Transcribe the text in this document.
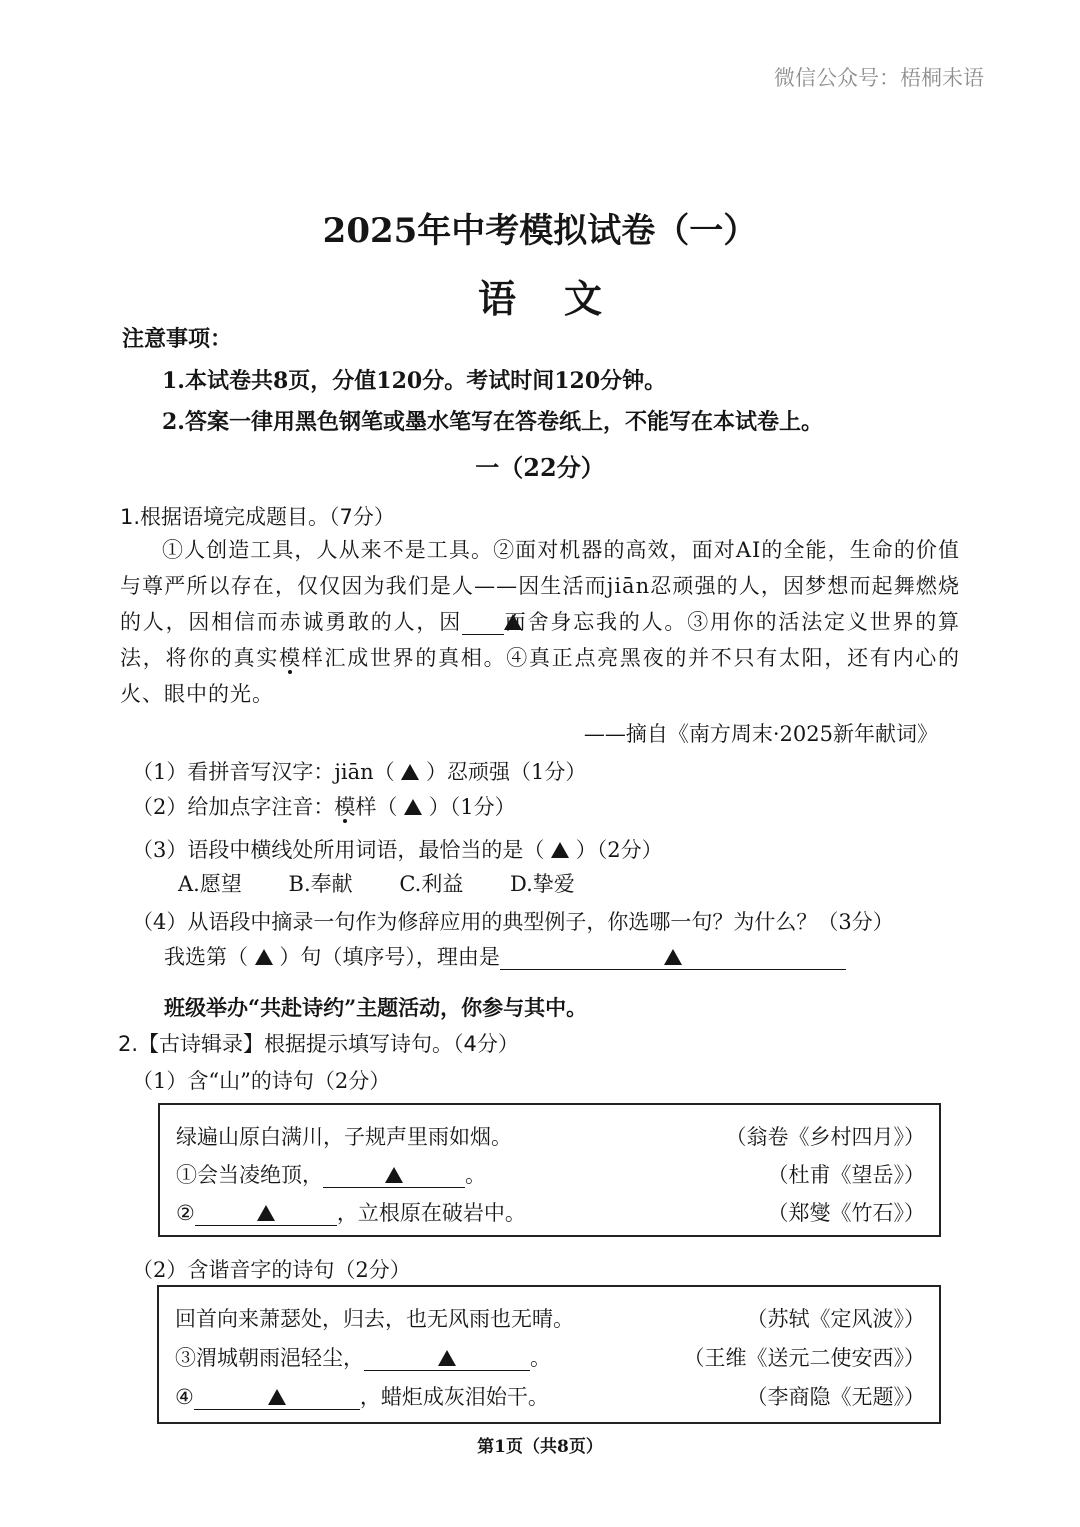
微信公众号：梧桐未语
2025年中考模拟试卷（一）
语文
注意事项：
1.本试卷共8页，分值120分。考试时间120分钟。
2.答案一律用黑色钢笔或墨水笔写在答卷纸上，不能写在本试卷上。
一（22分）
1.根据语境完成题目。（7分）

①人创造工具，人从来不是工具。②面对机器的高效，面对AI的全能，生命的价值与尊严所以存在，仅仅因为我们是人——因生活而jiān忍顽强的人，因梦想而起舞燃烧的人，因相信而赤诚勇敢的人，因 而舍身忘我的人。③用你的活法定义世界的算法，将你的真实模样汇成世界的真相。④真正点亮黑夜的并不只有太阳，还有内心的火、眼中的光。

——摘自《南方周末·2025新年献词》
（1）看拼音写汉字：jiān（ ）忍顽强（1分）
（2）给加点字注音：模样（ ）（1分）
（3）语段中横线处所用词语，最恰当的是（ ）（2分）
A.愿望 B.奉献 C.利益 D.挚爱
（4）从语段中摘录一句作为修辞应用的典型例子，你选哪一句？为什么？（3分）
我选第（ ）句（填序号），理由是
班级举办“共赴诗约”主题活动，你参与其中。
2.【古诗辑录】根据提示填写诗句。（4分）
（1）含“山”的诗句（2分）
绿遍山原白满川，子规声里雨如烟。	（翁卷《乡村四月》）
①会当凌绝顶，	。	（杜甫《望岳》）
②	，立根原在破岩中。	（郑燮《竹石》）
（2）含谐音字的诗句（2分）
回首向来萧瑟处，归去，也无风雨也无晴。	（苏轼《定风波》）
③渭城朝雨浥轻尘，	。	（王维《送元二使安西》）
④	，蜡炬成灰泪始干。	（李商隐《无题》）
第1页（共8页）
